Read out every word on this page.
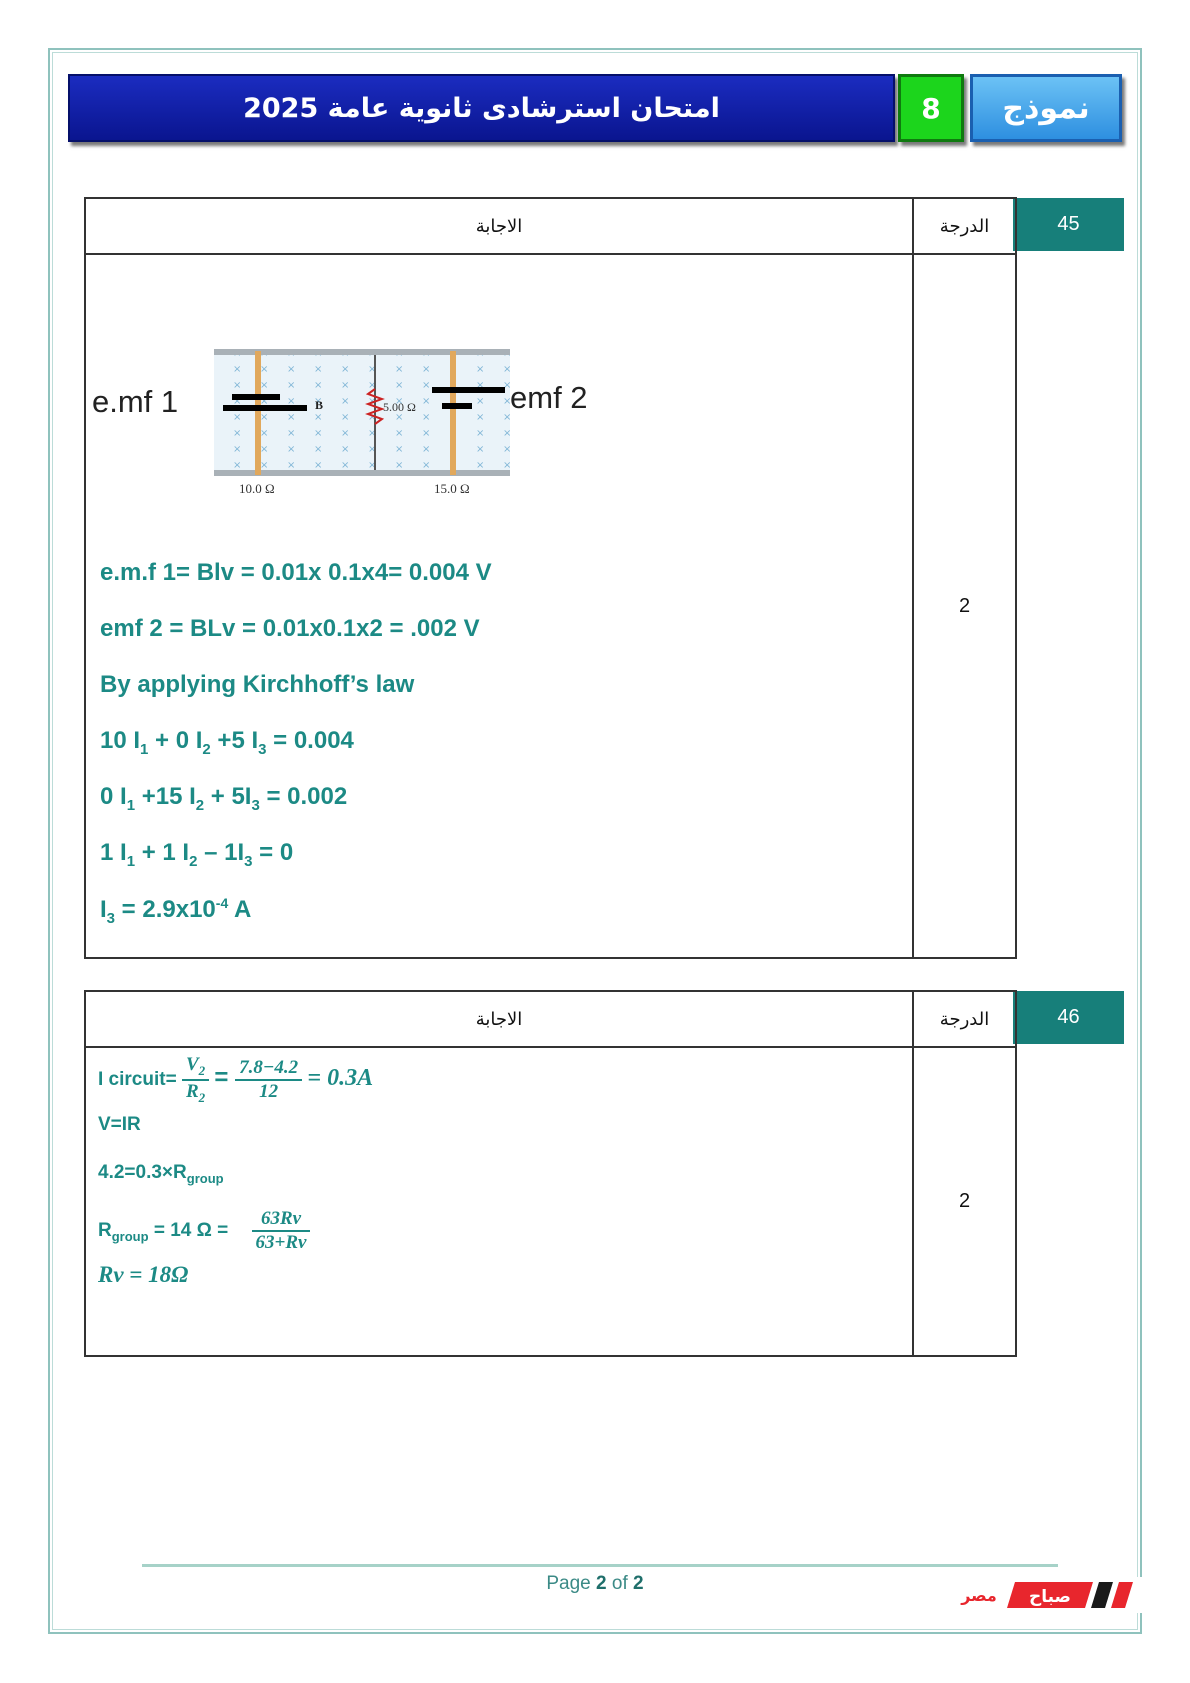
امتحان استرشادى ثانوية عامة 2025	8 نموذج
45
الاجابة	الدرجة
5.00 Ω
B
10.0 Ω	15.0 Ω
e.mf 1	emf 2
e.m.f 1= Blv = 0.01x 0.1x4= 0.004 V
emf 2 = BLv = 0.01x0.1x2 = .002 V
By applying Kirchhoff’s law
10 $I_1 + 0$ $I_2 +5$ $I_3 = 0.004$
0 $I_1 +15$ $I_2 + 5I_3 = 0.002$
1 $I_1 + 1$ $I_2 - 1I_3 = 0$
$I_3 = 2.9x10^{-4}$ A
2
46
الاجابة	الدرجة
I circuit= $\frac{V_2}{R_2} = \frac{7.8-4.2}{12} = 0.3A$
V=IR
$4.2=0.3\times R_{group}$
$R_{group} = 14$ $\Omega = \frac{63Rv}{63+Rv}$
Rv = 18Ω
2
Page 2 of 2
صباح
مصر
